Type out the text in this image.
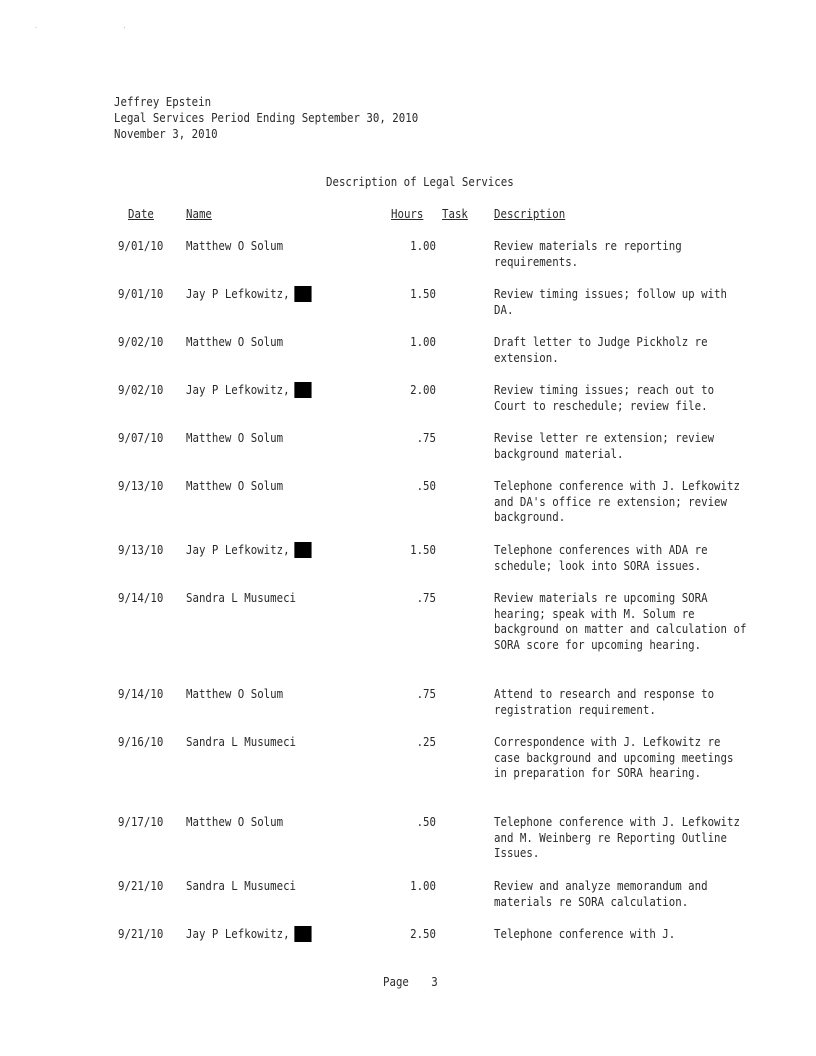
· ·
Jeffrey Epstein
Legal Services Period Ending September 30, 2010
November 3, 2010
Description of Legal Services
Date	Name	Hours Task Description
9/01/10 Matthew O Solum	1.00	Review materials re reporting requirements.
9/01/10 Jay P Lefkowitz,	1.50	Review timing issues; follow up with DA.
9/02/10 Matthew O Solum	1.00	Draft letter to Judge Pickholz re extension.
9/02/10 Jay P Lefkowitz,	2.00	Review timing issues; reach out to Court to reschedule; review file.
9/07/10 Matthew O Solum	.75	Revise letter re extension; review background material.
9/13/10 Matthew O Solum	.50	Telephone conference with J. Lefkowitz and DA's office re extension; review background.
9/13/10 Jay P Lefkowitz,	1.50	Telephone conferences with ADA re schedule; look into SORA issues.
9/14/10 Sandra L Musumeci	.75	Review materials re upcoming SORA hearing; speak with M. Solum re background on matter and calculation of SORA score for upcoming hearing.
9/14/10 Matthew O Solum	.75	Attend to research and response to registration requirement.
9/16/10 Sandra L Musumeci	.25	Correspondence with J. Lefkowitz re case background and upcoming meetings in preparation for SORA hearing.
9/17/10 Matthew O Solum	.50	Telephone conference with J. Lefkowitz and M. Weinberg re Reporting Outline Issues.
9/21/10 Sandra L Musumeci	1.00	Review and analyze memorandum and materials re SORA calculation.
9/21/10 Jay P Lefkowitz,	2.50	Telephone conference with J.
Page 3
